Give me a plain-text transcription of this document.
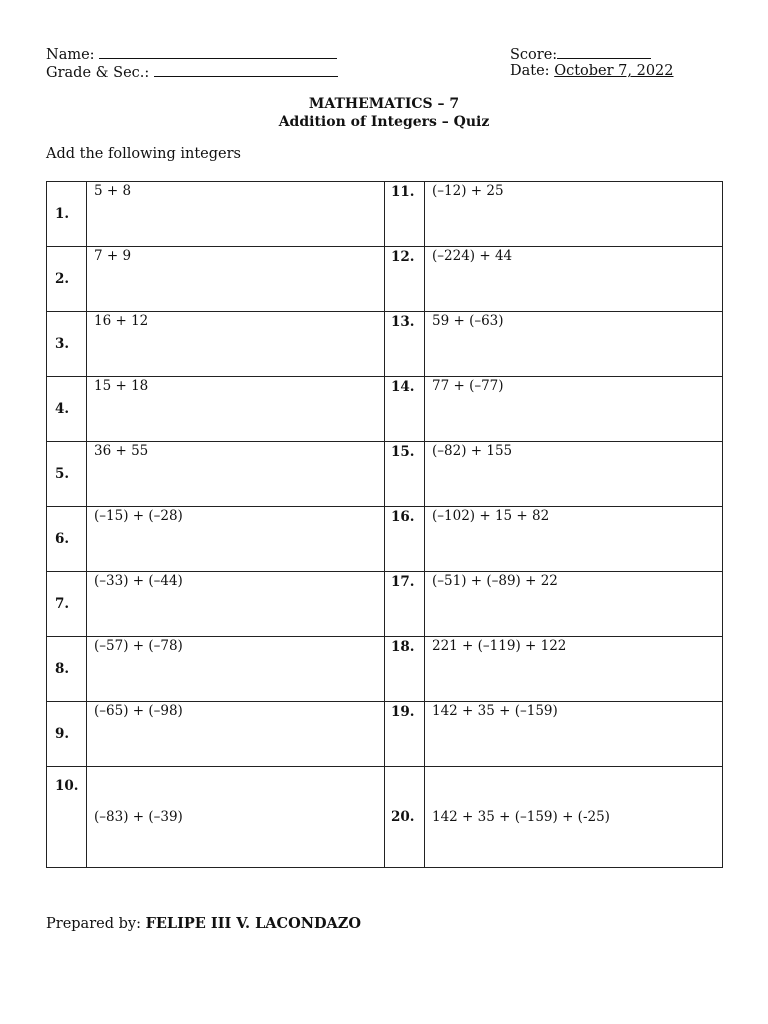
Name:
Grade & Sec.:
Score:
Date: October 7, 2022
MATHEMATICS – 7
Addition of Integers – Quiz
Add the following integers
1.	5 + 8	11.	(–12) + 25
2.	7 + 9	12.	(–224) + 44
3.	16 + 12	13.	59 + (–63)
4.	15 + 18	14.	77 + (–77)
5.	36 + 55	15.	(–82) + 155
6.	(–15) + (–28)	16.	(–102) + 15 + 82
7.	(–33) + (–44)	17.	(–51) + (–89) + 22
8.	(–57) + (–78)	18.	221 + (–119) + 122
9.	(–65) + (–98)	19.	142 + 35 + (–159)
10.	(–83) + (–39)	20.	142 + 35 + (–159) + (-25)
Prepared by: FELIPE III V. LACONDAZO
